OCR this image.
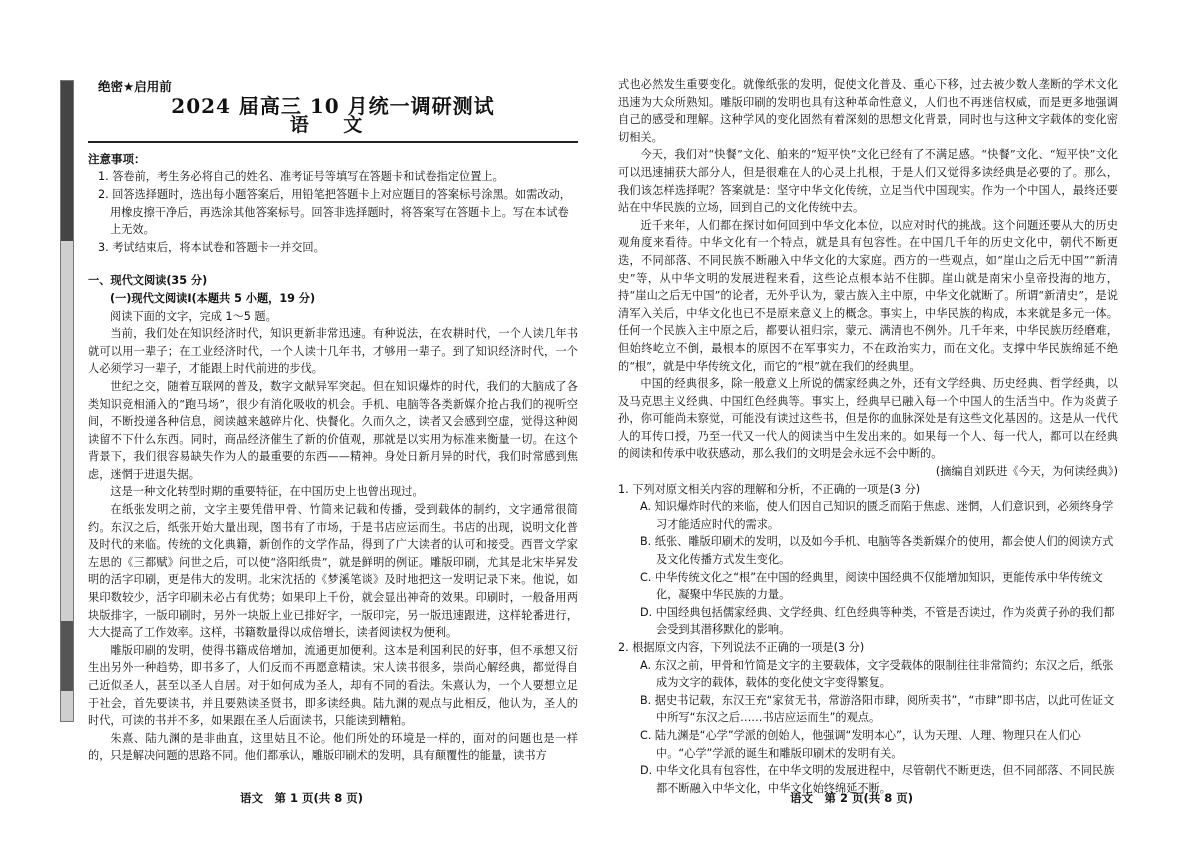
绝密★启用前
2024 届高三 10 月统一调研测试
语 文
注意事项：
1. 答卷前，考生务必将自己的姓名、准考证号等填写在答题卡和试卷指定位置上。
2. 回答选择题时，选出每小题答案后，用铅笔把答题卡上对应题目的答案标号涂黑。如需改动，用橡皮擦干净后，再选涂其他答案标号。回答非选择题时，将答案写在答题卡上。写在本试卷上无效。
3. 考试结束后，将本试卷和答题卡一并交回。
一、现代文阅读(35 分)
(一)现代文阅读Ⅰ(本题共 5 小题，19 分)
阅读下面的文字，完成 1～5 题。
当前，我们处在知识经济时代，知识更新非常迅速。有种说法，在农耕时代，一个人读几年书就可以用一辈子；在工业经济时代，一个人读十几年书，才够用一辈子。到了知识经济时代，一个人必须学习一辈子，才能跟上时代前进的步伐。
世纪之交，随着互联网的普及，数字文献异军突起。但在知识爆炸的时代，我们的大脑成了各类知识竞相涌入的“跑马场”，很少有消化吸收的机会。手机、电脑等各类新媒介抢占我们的视听空间，不断投递各种信息，阅读越来越碎片化、快餐化。久而久之，读者又会感到空虚，觉得这种阅读留不下什么东西。同时，商品经济催生了新的价值观，那就是以实用为标准来衡量一切。在这个背景下，我们很容易缺失作为人的最重要的东西——精神。身处日新月异的时代，我们时常感到焦虑，迷惘于进退失据。
这是一种文化转型时期的重要特征，在中国历史上也曾出现过。
在纸张发明之前，文字主要凭借甲骨、竹简来记载和传播，受到载体的制约，文字通常很简约。东汉之后，纸张开始大量出现，图书有了市场，于是书店应运而生。书店的出现，说明文化普及时代的来临。传统的文化典籍，新创作的文学作品，得到了广大读者的认可和接受。西晋文学家左思的《三都赋》问世之后，可以使“洛阳纸贵”，就是鲜明的例证。雕版印刷，尤其是北宋毕昇发明的活字印刷，更是伟大的发明。北宋沈括的《梦溪笔谈》及时地把这一发明记录下来。他说，如果印数较少，活字印刷未必占有优势；如果印上千份，就会显出神奇的效果。印刷时，一般备用两块版排字，一版印刷时，另外一块版上业已排好字，一版印完，另一版迅速跟进，这样轮番进行，大大提高了工作效率。这样，书籍数量得以成倍增长，读者阅读权为便利。
雕版印刷的发明，使得书籍成倍增加，流通更加便利。这本是利国利民的好事，但不承想又衍生出另外一种趋势，即书多了，人们反而不再愿意精读。宋人读书很多，崇尚心解经典，都觉得自己近似圣人，甚至以圣人自居。对于如何成为圣人，却有不同的看法。朱熹认为，一个人要想立足于社会，首先要读书，并且要熟读圣贤书，即多读经典。陆九渊的观点与此相反，他认为，圣人的时代，可读的书并不多，如果跟在圣人后面读书，只能读到糟粕。
朱熹、陆九渊的是非曲直，这里姑且不论。他们所处的环境是一样的，面对的问题也是一样的，只是解决问题的思路不同。他们都承认，雕版印刷术的发明，具有颠覆性的能量，读书方
式也必然发生重要变化。就像纸张的发明，促使文化普及、重心下移，过去被少数人垄断的学术文化迅速为大众所熟知。雕版印刷的发明也具有这种革命性意义，人们也不再迷信权威，而是更多地强调自己的感受和理解。这种学风的变化固然有着深刻的思想文化背景，同时也与这种文字载体的变化密切相关。
今天，我们对“快餐”文化、舶来的“短平快”文化已经有了不满足感。“快餐”文化、“短平快”文化可以迅速捕获大部分人，但是很难在人的心灵上扎根，于是人们又觉得多读经典是必要的了。那么，我们该怎样选择呢？答案就是：坚守中华文化传统，立足当代中国现实。作为一个中国人，最终还要站在中华民族的立场，回到自己的文化传统中去。
近千来年，人们都在探讨如何回到中华文化本位，以应对时代的挑战。这个问题还要从大的历史观角度来看待。中华文化有一个特点，就是具有包容性。在中国几千年的历史文化中，朝代不断更迭，不同部落、不同民族不断融入中华文化的大家庭。西方的一些观点，如“崖山之后无中国”“新清史”等，从中华文明的发展进程来看，这些论点根本站不住脚。崖山就是南宋小皇帝投海的地方，持“崖山之后无中国”的论者，无外乎认为，蒙古族入主中原，中华文化就断了。所谓“新清史”，是说清军入关后，中华文化也已不是原来意义上的概念。事实上，中华民族的构成，本来就是多元一体。任何一个民族入主中原之后，都要认祖归宗，蒙元、满清也不例外。几千年来，中华民族历经磨难，但始终屹立不倒，最根本的原因不在军事实力，不在政治实力，而在文化。支撑中华民族绵延不绝的“根”，就是中华传统文化，而它的“根”就在我们的经典里。
中国的经典很多，除一般意义上所说的儒家经典之外，还有文学经典、历史经典、哲学经典，以及马克思主义经典、中国红色经典等。事实上，经典早已融入每一个中国人的生活当中。作为炎黄子孙，你可能尚未察觉，可能没有读过这些书，但是你的血脉深处是有这些文化基因的。这是从一代代人的耳传口授，乃至一代又一代人的阅读当中生发出来的。如果每一个人、每一代人，都可以在经典的阅读和传承中收获感动，那么我们的文明是会永远不会中断的。
(摘编自刘跃进《今天，为何读经典》)
1. 下列对原文相关内容的理解和分析，不正确的一项是(3 分)
A. 知识爆炸时代的来临，使人们因自己知识的匮乏而陷于焦虑、迷惘，人们意识到，必须终身学习才能适应时代的需求。
B. 纸张、雕版印刷术的发明，以及如今手机、电脑等各类新媒介的使用，都会使人们的阅读方式及文化传播方式发生变化。
C. 中华传统文化之“根”在中国的经典里，阅读中国经典不仅能增加知识，更能传承中华传统文化，凝聚中华民族的力量。
D. 中国经典包括儒家经典、文学经典、红色经典等种类，不管是否读过，作为炎黄子孙的我们都会受到其潜移默化的影响。
2. 根据原文内容，下列说法不正确的一项是(3 分)
A. 东汉之前，甲骨和竹简是文字的主要载体，文字受载体的限制往往非常简约；东汉之后，纸张成为文字的载体，载体的变化使文字变得繁复。
B. 据史书记载，东汉王充“家贫无书，常游洛阳市肆，阅所卖书”，“市肆”即书店，以此可佐证文中所写“东汉之后……书店应运而生”的观点。
C. 陆九渊是“心学”学派的创始人，他强调“发明本心”，认为天理、人理、物理只在人们心中。“心学”学派的诞生和雕版印刷术的发明有关。
D. 中华文化具有包容性，在中华文明的发展进程中，尽管朝代不断更迭，但不同部落、不同民族都不断融入中华文化，中华文化始终绵延不断。
语文　第 1 页(共 8 页)	语文　第 2 页(共 8 页)
